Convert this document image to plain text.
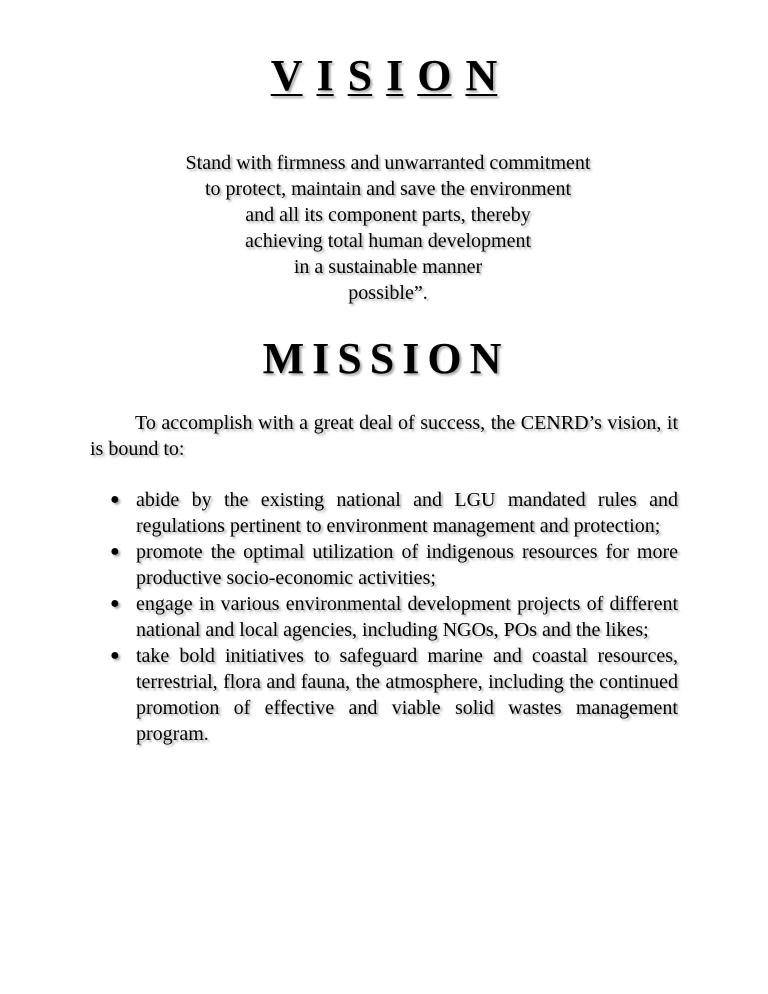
V I S I O N
Stand with firmness and unwarranted commitment
to protect, maintain and save the environment
and all its component parts, thereby
achieving total human development
in a sustainable manner
possible”.
MISSION

To accomplish with a great deal of success, the CENRD’s vision, it is bound to:

● abide by the existing national and LGU mandated rules and regulations pertinent to environment management and protection;
● promote the optimal utilization of indigenous resources for more productive socio-economic activities;
● engage in various environmental development projects of different national and local agencies, including NGOs, POs and the likes;
● take bold initiatives to safeguard marine and coastal resources, terrestrial, flora and fauna, the atmosphere, including the continued promotion of effective and viable solid wastes management program.
